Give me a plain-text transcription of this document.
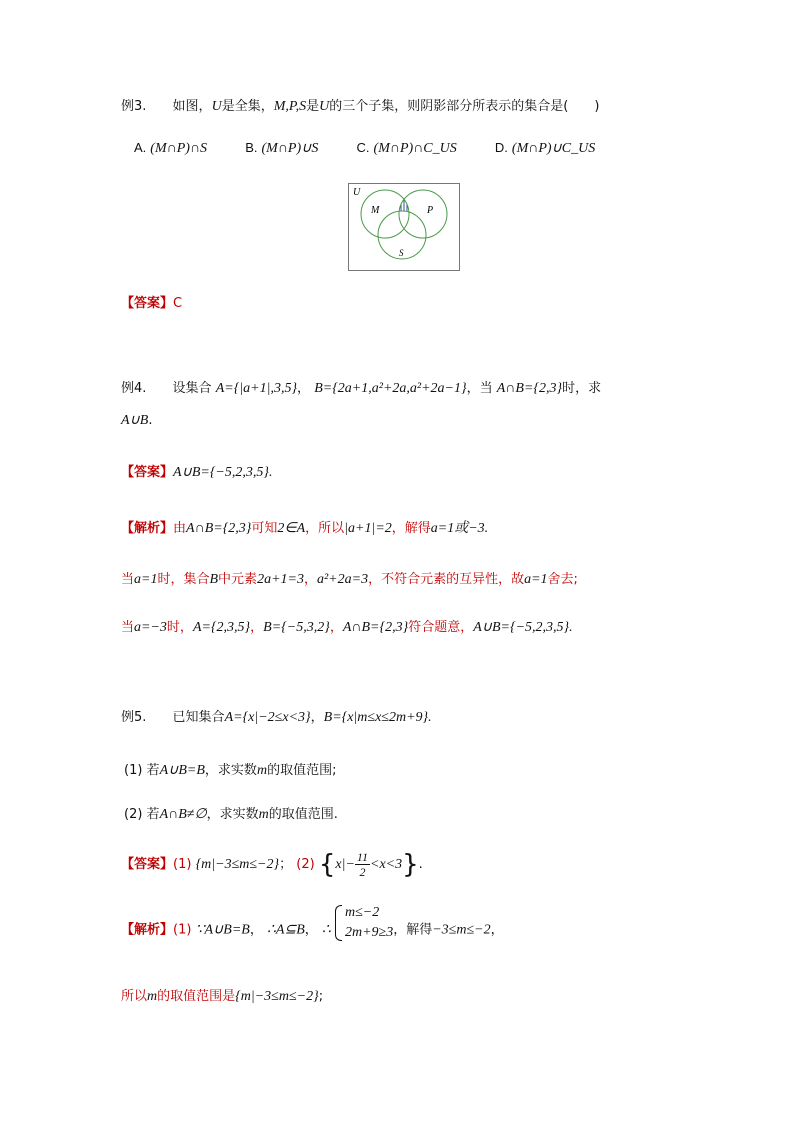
例3. 如图，U是全集，M,P,S是U的三个子集，则阴影部分所表示的集合是(　　)
A. (M∩P)∩S	B. (M∩P)∪S	C. (M∩P)∩C_US	D. (M∩P)∪C_US
U
M	P
S
【答案】C
例4. 设集合 A={|a+1|,3,5}， B={2a+1,a²+2a,a²+2a−1}，当 A∩B={2,3}时，求
A∪B.
【答案】A∪B={−5,2,3,5}.
【解析】由A∩B={2,3}可知2∈A，所以|a+1|=2，解得a=1或−3.
当a=1时，集合B中元素2a+1=3，a²+2a=3，不符合元素的互异性，故a=1舍去;
当a=−3时，A={2,3,5}，B={−5,3,2}，A∩B={2,3}符合题意，A∪B={−5,2,3,5}.
例5. 已知集合A={x|−2≤x<3}，B={x|m≤x≤2m+9}.
(1) 若A∪B=B，求实数m的取值范围;
(2) 若A∩B≠∅，求实数m的取值范围.
【答案】(1) {m|−3≤m≤−2}； (2) $\{x|- \frac{11}{2} <x<3\}$.
【解析】(1) ∵A∪B=B， ∴A⊆B， ∴
m≤−2
2m+9≥3 ，解得−3≤m≤−2，
所以m的取值范围是{m|−3≤m≤−2};
